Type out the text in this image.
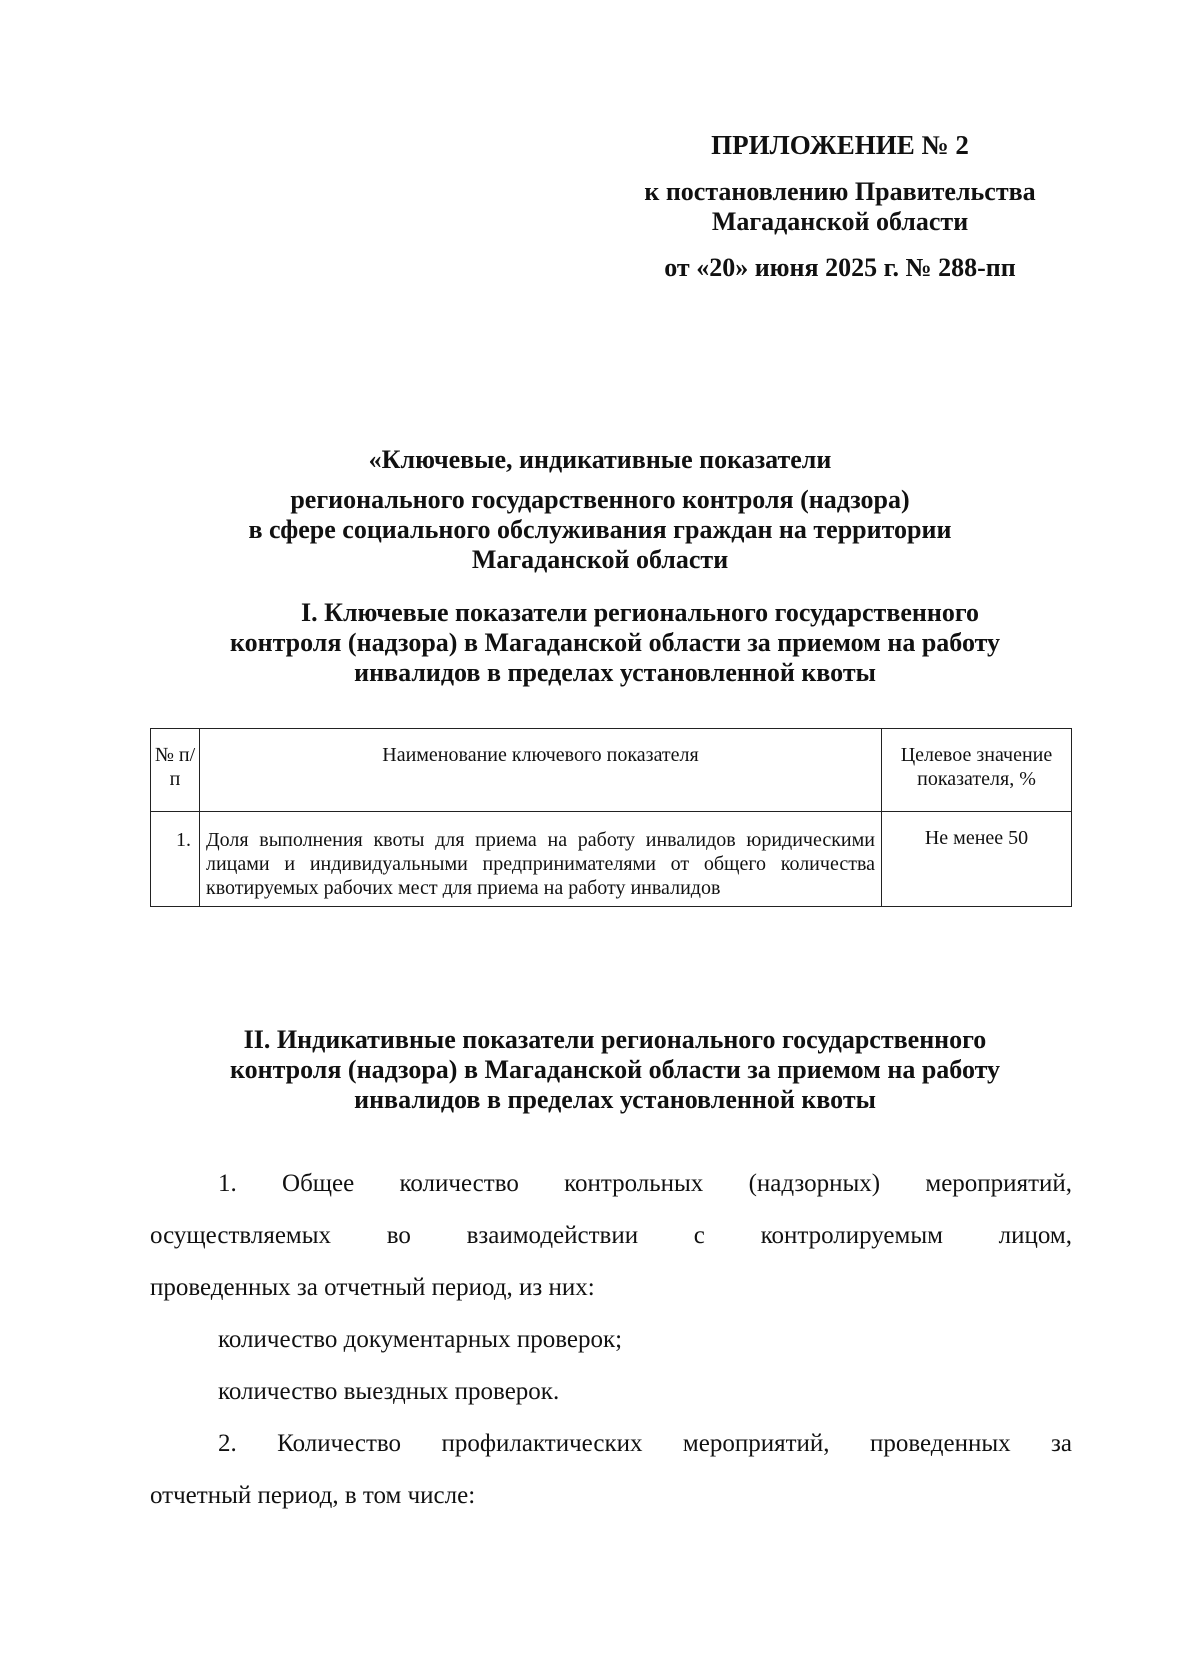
ПРИЛОЖЕНИЕ № 2
к постановлению Правительства
Магаданской области
от «20» июня 2025 г. № 288-пп
«Ключевые, индикативные показатели
регионального государственного контроля (надзора)
в сфере социального обслуживания граждан на территории
Магаданской области
I. Ключевые показатели регионального государственного
контроля (надзора) в Магаданской области за приемом на работу
инвалидов в пределах установленной квоты
№ п/п	Наименование ключевого показателя	Целевое значение показателя, %
1.	Доля выполнения квоты для приема на работу инвалидов юридическими лицами и индивидуальными предпринимателями от общего количества квотируемых рабочих мест для приема на работу инвалидов	Не менее 50
II. Индикативные показатели регионального государственного
контроля (надзора) в Магаданской области за приемом на работу
инвалидов в пределах установленной квоты

1. Общее количество контрольных (надзорных) мероприятий,
осуществляемых во взаимодействии с контролируемым лицом,
проведенных за отчетный период, из них:
количество документарных проверок;
количество выездных проверок.

2. Количество профилактических мероприятий, проведенных за
отчетный период, в том числе:
